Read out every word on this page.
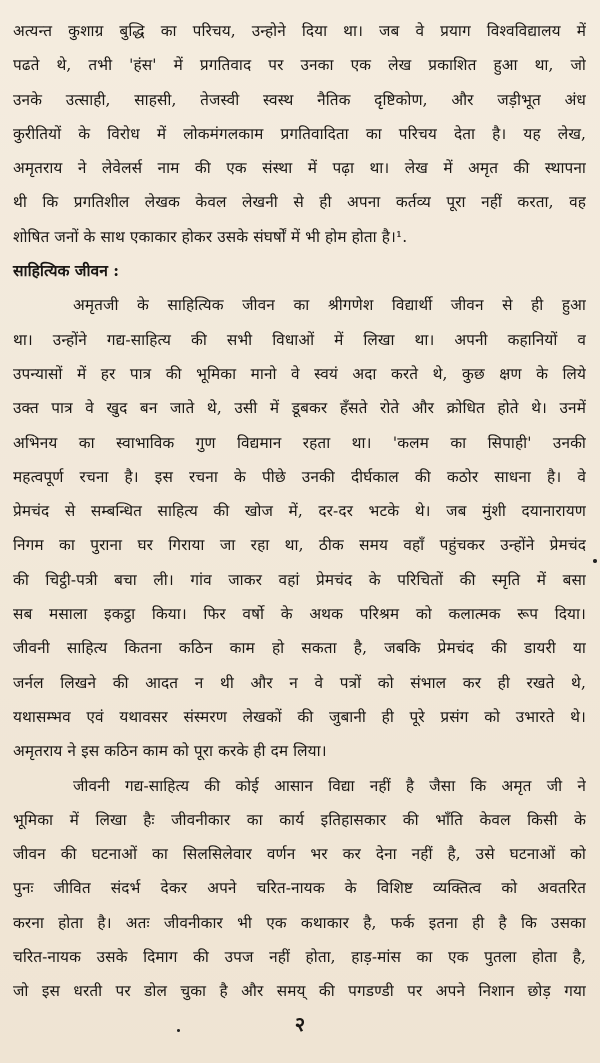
अत्यन्त कुशाग्र बुद्धि का परिचय, उन्होने दिया था। जब वे प्रयाग विश्वविद्यालय में
पढते थे, तभी 'हंस' में प्रगतिवाद पर उनका एक लेख प्रकाशित हुआ था, जो
उनके उत्साही, साहसी, तेजस्वी स्वस्थ नैतिक दृष्टिकोण, और जड़ीभूत अंध
कुरीतियों के विरोध में लोकमंगलकाम प्रगतिवादिता का परिचय देता है। यह लेख,
अमृतराय ने लेवेलर्स नाम की एक संस्था में पढ़ा था। लेख में अमृत की स्थापना
थी कि प्रगतिशील लेखक केवल लेखनी से ही अपना कर्तव्य पूरा नहीं करता, वह
शोषित जनों के साथ एकाकार होकर उसके संघर्षों में भी होम होता है।¹.

साहित्यिक जीवन :

अमृतजी के साहित्यिक जीवन का श्रीगणेश विद्यार्थी जीवन से ही हुआ
था। उन्होंने गद्य-साहित्य की सभी विधाओं में लिखा था। अपनी कहानियों व
उपन्यासों में हर पात्र की भूमिका मानो वे स्वयं अदा करते थे, कुछ क्षण के लिये
उक्त पात्र वे खुद बन जाते थे, उसी में डूबकर हँसते रोते और क्रोधित होते थे। उनमें
अभिनय का स्वाभाविक गुण विद्यमान रहता था। 'कलम का सिपाही' उनकी
महत्वपूर्ण रचना है। इस रचना के पीछे उनकी दीर्घकाल की कठोर साधना है। वे
प्रेमचंद से सम्बन्धित साहित्य की खोज में, दर-दर भटके थे। जब मुंशी दयानारायण
निगम का पुराना घर गिराया जा रहा था, ठीक समय वहाँ पहुंचकर उन्होंने प्रेमचंद
की चिट्ठी-पत्री बचा ली। गांव जाकर वहां प्रेमचंद के परिचितों की स्मृति में बसा
सब मसाला इकट्ठा किया। फिर वर्षो के अथक परिश्रम को कलात्मक रूप दिया।
जीवनी साहित्य कितना कठिन काम हो सकता है, जबकि प्रेमचंद की डायरी या
जर्नल लिखने की आदत न थी और न वे पत्रों को संभाल कर ही रखते थे,
यथासम्भव एवं यथावसर संस्मरण लेखकों की जुबानी ही पूरे प्रसंग को उभारते थे।
अमृतराय ने इस कठिन काम को पूरा करके ही दम लिया।

जीवनी गद्य-साहित्य की कोई आसान विद्या नहीं है जैसा कि अमृत जी ने
भूमिका में लिखा हैः जीवनीकार का कार्य इतिहासकार की भाँति केवल किसी के
जीवन की घटनाओं का सिलसिलेवार वर्णन भर कर देना नहीं है, उसे घटनाओं को
पुनः जीवित संदर्भ देकर अपने चरित-नायक के विशिष्ट व्यक्तित्व को अवतरित
करना होता है। अतः जीवनीकार भी एक कथाकार है, फर्क इतना ही है कि उसका
चरित-नायक उसके दिमाग की उपज नहीं होता, हाड़-मांस का एक पुतला होता है,
जो इस धरती पर डोल चुका है और समय् की पगडण्डी पर अपने निशान छोड़ गया

२
